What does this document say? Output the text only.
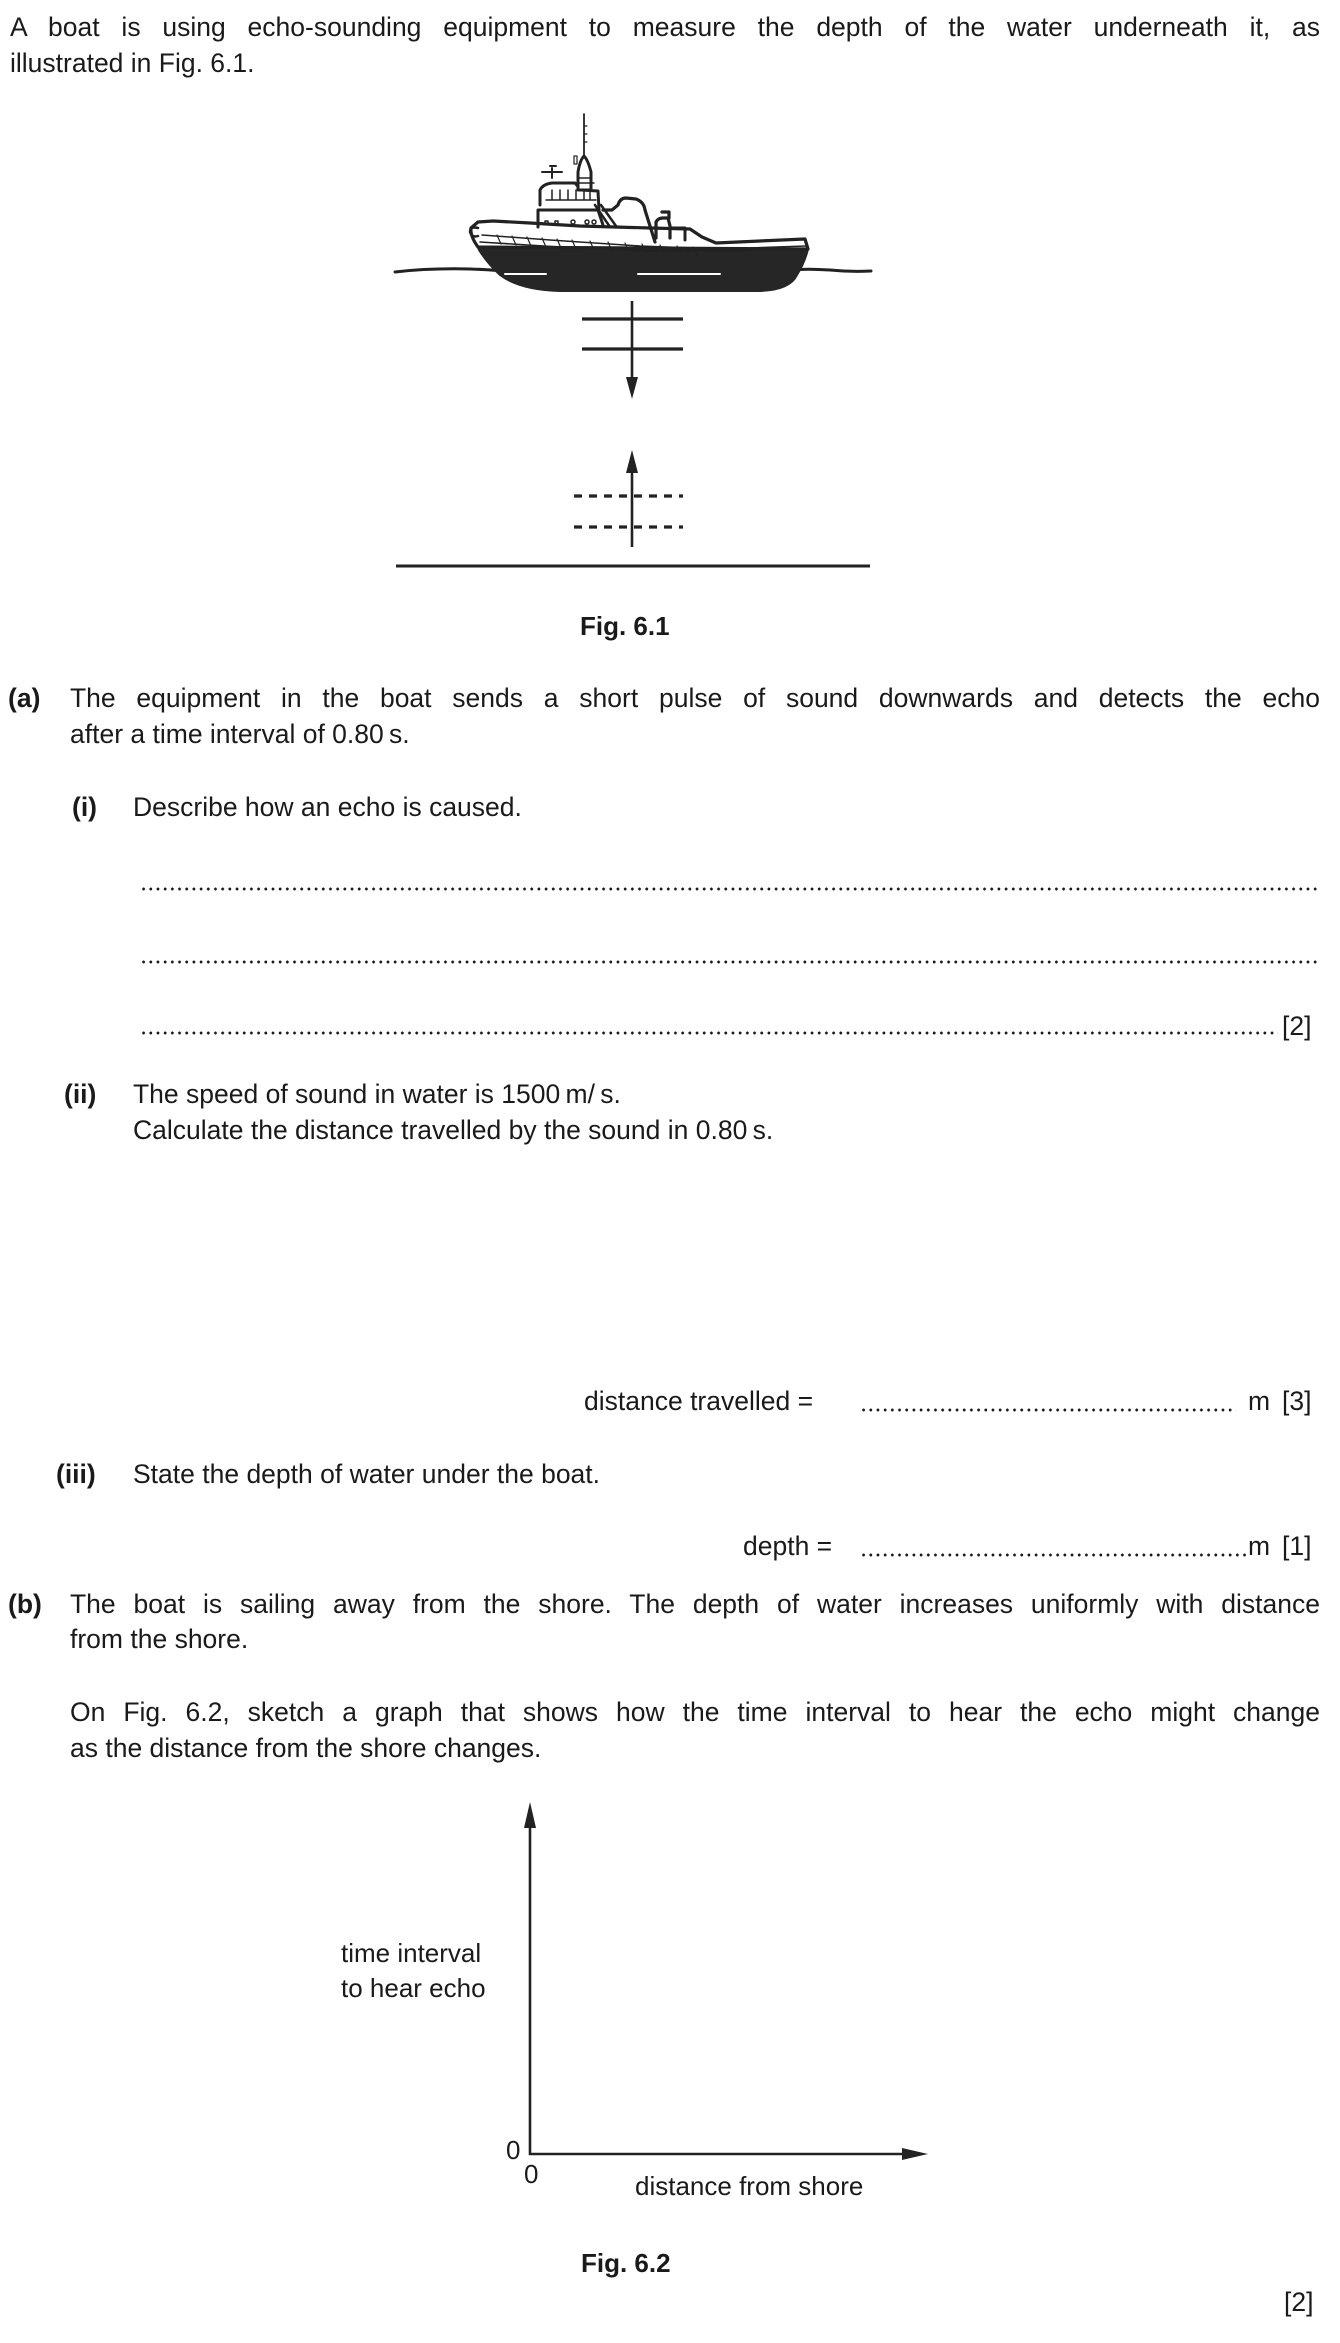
A boat is using echo-sounding equipment to measure the depth of the water underneath it, as
illustrated in Fig. 6.1.
Fig. 6.1
(a) The equipment in the boat sends a short pulse of sound downwards and detects the echo
after a time interval of 0.80 s.
(i) Describe how an echo is caused.
[2]
(ii) The speed of sound in water is 1500 m/ s.
Calculate the distance travelled by the sound in 0.80 s.
distance travelled =	m [3]
(iii) State the depth of water under the boat.
depth =	m [1]
(b) The boat is sailing away from the shore. The depth of water increases uniformly with distance
from the shore.
On Fig. 6.2, sketch a graph that shows how the time interval to hear the echo might change
as the distance from the shore changes.
time interval
to hear echo
0
0	distance from shore
Fig. 6.2
[2]
